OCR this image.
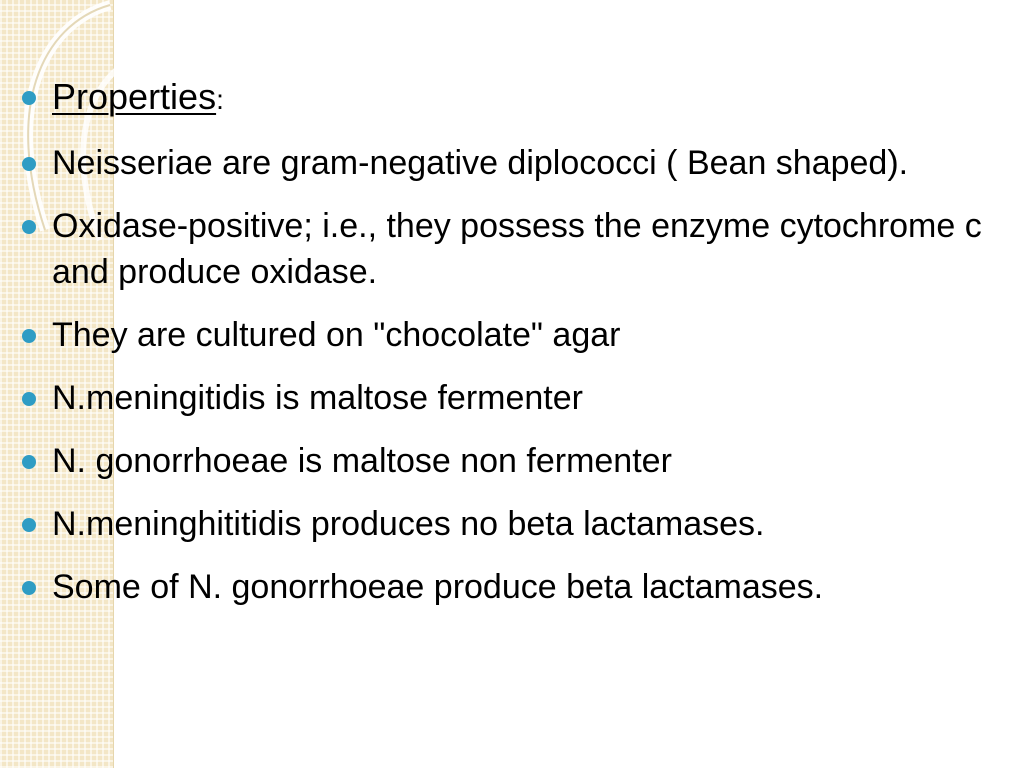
Properties:
Neisseriae are gram-negative diplococci ( Bean shaped).
Oxidase-positive; i.e., they possess the enzyme cytochrome c and produce oxidase.
They are cultured on "chocolate" agar
N.meningitidis is maltose fermenter
N. gonorrhoeae is maltose non fermenter
N.meninghititidis produces no beta lactamases.
Some of N. gonorrhoeae produce beta lactamases.
